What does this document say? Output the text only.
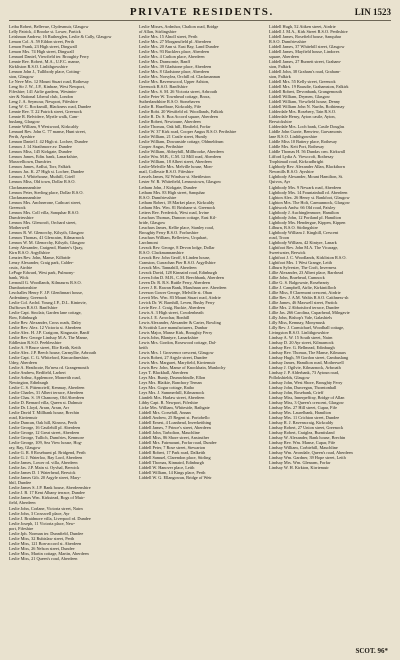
PRIVATE RESIDENTS.	LIN 1523
Leiba Robert, Bellevue, Clydesmuir, Glasgow
Lelly Patrick, 4 Brooke st. Lower, Partick
Leishman Andrew, 16 Rutherglen, Leslie & Cally, Glasgow
Lemon Col. A. 59 Eildon street, Perth
Lemon Frank, 23 High street, Dingwall
Lemon Mrs. 74 High street, Dingwall
Lennard Daniel, Viewfield ter. Broughty Ferry
Lennie Rev. Robert, M.A., U.F.C. manse,
Kirkliston R.S.O. Linlithgowshire
Lennon John J., Tullibody place, Cotting-
ston, Glasgow
Le Neve Mrs. 12 Mount Stuart road, Rothesay
Leng Sir J. W., J.P., Kinbrae, West Newport,
Fifeshire; 141 Airlie gardens, Westmin-
ster & National Liberal club, London
Leng J. A. Seymour, Newport, Fifeshire
Leng W. C. Rocksmill, Blackness road, Dundee
Lennie Rev. T. 22 Patrick street, Greenock
Lennie R. Belvidere, Myrtle walk, Cam-
buslang, Glasgow
Lennie William, 9 Westwood, Kirkcaldy
Lennard Rev. John C. 77 manse, Hunt street,
Perth, Ayrshire
Lennon Daniel J. 42 High st. Lochee, Dundee
Lennox J. 14 Strathmore av. Dundee
Lennox Miss, 145 Kirkgate, Dundee
Lennox James, Edin. bank, Lanarkshire,
Maxwelltown, Dumfries
Lennox James, Ardlui, Torr, Falkirk
Lennox Jas. K. 27 High st. Lochee, Dundee
Lennox J. Whitehouse, Muthill, Crieff
Lennox Miss, Old town, Dollar R.S.O.
Clackmannanshire
Lennox Peter, Sterling place, Dollar R.S.O.
Clackmannanshire
Lennox Mrs. Anchnerone, Cathcart street,
Greenock
Lennox Mrs. Coll villa, Sanquhar R.S.O.
Dumfriesshire
Lennox Mrs. Glencroft, Orchard street,
Motherwell
Lennox R. W. Glenorchy, Kilsyth, Glasgow
Lennox Thomas, 41 Glencairn, Kilmarnock
Lennox W. M. Glenorchy, Kilsyth, Glasgow
Lenty Alexander, Craigend, Hunter's Quay,
Kirn R.S.O. Argyllshire
Lenzies Rev. John, Manse, Kilbride
Lenzy Alexander, Craig park, Calder-
cruix, Airdrie
LePage Edward, West park, Pulmony-
bank, Wick
Lernoull G. Woodlands, Kilmaurss R.S.O.
Dumbartonshire
Leschalles Henry F. J.P. Glenfinnart house,
Ardentinny, Greenock
Leslie Col. Archd. Young J.P., D.L. Kininvie,
Dufftown R.S.O. Banffshire
Leslie Capt. Sinclair, Garden lane cottage,
Bow, Edinburgh
Leslie Rev. Alexander, Cross roads, Dalry
Leslie Rev. Alex. 12 Victoria st. Aberdeen
Leslie Alex. H. J.P. Craigorn, Kingussie, Banff
Leslie Rev. George Lindsay M.A. The Manse,
Eddleston R.S.O. Peeblesshire
Leslie A. 9 Bruce street, Elie Keith, Keith
Leslie Alex. J.P. Beech house, Carmyllie, Arbroath
Leslie Capt. C. G. Whiteford, Kincardineshire,
Udny, Aberdeen
Leslie A. Heathcote, Bo'ness rd. Grangemouth
Leslie Andrew, Redfield, Larbert
Leslie Arthur, Applemore, Monreith road,
Newington, Edinburgh
Leslie C. S. Pittencrieff, Kenmay, Aberdeen
Leslie Charles, 31 Albert terrace, Aberdeen
Leslie Chas. S. 19 Chanonry, Old Aberdeen
Leslie D. Bernard villa, Queen st. Dalmuir
Leslie Dr. Lloyd, Arran, Arran, Arr
Leslie David T. Millbank house, Brechin
road, Kirriemuir
Leslie Duncan, Oak hill, Kinross, Perth
Leslie George, 16 Castlehill pl. Aberdeen
Leslie George, 12 Great street, Aberdeen
Leslie George, Tullich, Dumfries, Kenmore
Leslie George, 109, Sea View house, Hog-
ray, Ray, Glasgow
Leslie G. R. 8 Roseburnt pl. Bridgend, Perth
Leslie G. J. Waterloo, Bay Lord, Aberdeen
Leslie James, Lower rd. villa, Aberdeen
Leslie Jas. J.P. Main st. Oyvhal, Berwick
Leslie James D. 1 Waterhead, Berwick
Leslie James Gib. 20 Argyle street, Mary-
bhil, Dundee
Leslie James S. J.P. Bank house, Aberdeenshire
Leslie J. B. 17 Kent Albany terrace, Dundee
Leslie James Wm. Kirkstead, Bogs of Muir-
field, Aberdeen
Leslie John, Corlane, Victoria street, Nairn
Leslie John, 3 Crosswell place, Ayr
Leslie J. Braidmore villa, Liverpool rd. Dundee
Leslie Joseph, 11 Victoria place, New-
port, Fifeshire
Leslie Jph. Norman ter. Dunnfield, Dundee
Leslie Miss, 32 Rubislaw street, Perth
Leslie Miss, 121 Bon-accord st. Aberdeen
Leslie Miss, 26 Nelson street, Dundee
Leslie Miss, Martin cottage, Martin, Aberdeen
Leslie Miss, 21 Queen's road, Aberdeen
Leslie Misses, Ardmhor, Chalton road, Bridge
of Allan, Stirlingshire
Leslie Mrs. 15 Alnoll street, Perth
Leslie Mrs. 27 Morgansfield pl. Aberdeen
Leslie Mrs. 20 Ann st. East Bay, Land Dundee
Leslie Mrs. 93 Bucklers place, Aberdeen
Leslie Mrs. 4 Carlton place, Aberdeen
Leslie Mrs. Dramornie, Banff
Leslie Mrs. 39 Gladstone place, Aberdeen
Leslie Mrs. 8 Gladstone place, Aberdeen
Leslie Mrs. Norsylea, Orchill rd. Clackmannan
Leslie Mrs. Ravenswood, Upper Ashton,
Greenock R.S.O. Banffshire
Leslie Mrs. S. M. 26 Victoria street, Arbroath
Leslie Peter W. Townhead cottage, Brora,
Sutherlandshire R.S.O. Stonehaven
Leslie R. Hazelbrae, Kirkcaldy, Fife
Leslie Robt. 20 Westfield rd. Woodlands, Falkirk
Leslie R. Dr. S. Boa Accord square, Aberdeen
Leslie Robert, Newtoune, Aberdeen
Leslie Thomas, Oak hill, Elmfield, Forfar
Leslie W. 37 Kirk road, Cooper Angus R.S.O. Perthshire
Leslie William, 21 Castle street, Huntly
Leslie William, Dowanside cottage, Oldmeldrum
Cooper Angus, Perthshire
Leslie William, Abbeyhill, Millbrooke, Aberdeen
Leslie Wm. M.B., C.M. 12 Mill road, Aberdeen
Leslie William, 18 Albert street, Aberdeen
Leslie-Melville Mrs. Melville house, Mon-
mail, Collessie R.S.O. Fifeshire
Lessels James, 82 Windsor st. Shettleston
Lester W. R. Whitefield, Lennoxtown, Glasgow
Letham John, J Kirkgate, Dundee
Letham Mrs. 83 High street, Sanquhar
R.S.O. Dumfriesshire
Letham Robert, 18 Market place, Kirkcaldy
Letham Mrs. Wm. 81 Brisbane st. Greenock
Letters Rev. Frederick, West road, Irvine
Leuchars Thomas, Dunoon cottage, East Kil-
bride, Glasgow
Leuchars James, Kellie place, Stanley road,
Broughty Ferry R.S.O. Forfarshire
Leuchars William, Belleview, Urquhart,
Larchmont
Levack Rev. George, 8 Devon lodge, Dollar
R.S.O. Clackmannanshire
Levack Rev. John Geoff, 6 Linden house,
Cranston, Currachan Pier R.S.O. Argyllshire
Levack Mrs. Tannahill, Aberdeen
Levack David, 128 Kinnaird road, Edinburgh
Leven John D. M.B., C.M. Beechbank, Aberdeen
Leven Dr. R. R.S. Ruttle Ferry, Aberdeen
Lever J. R. Rawan Bank, Maruhnan ave. Aberdeen
Leveson Gower George, Melville st. Oban
Levett Mrs. Wm. 83 Mount Stuart road, Airdrie
Levick Dr. W. Barnhill, Leven, Bushy Ferry
Levie Rev. J. Craig, Buckie, Aberdeen
Lewis A. 3 High street, Cowdenbeath
Lewis J. E. Arrochar, Bonhill
Lewis Alexander, Alexander & Carter, Bowling
& Scottish Lace manufacturers, Dunbar
Lewis Major, Manse Kirk, Broughty Ferry
Lewis John, Blantyre, Lanarkshire
Lewis Mrs. Gordon, Rosewood cottage, Dal-
keith
Lewis Mrs. 1 Grosvenor crescent, Glasgow
Lewis Robert, 27 Argyle street, Dundee
Lewis Mrs. Margaret, Maryfield, Kirriemuir
Lewis Rev. John, Manse of Knockbain, Munlochy
Leys T. Blackhall, Aberdeen
Leys Mrs. Bunty, Drumwhindle, Ellon
Leys Mrs. Blaikie, Banchory Ternan
Leys Mrs. Gogar cottage, Ratho
Leys Mrs. J. Summerhill, Kilmarnock
Lianfelt Mrs. Harlaw street, Aberdeen
Libby Capt. R. Newport, Fifeshire
Licke Mrs. William, Whiteside, Bathgate
Liddell Mrs. Corsehill, Annan
Liddell Andrew, 25 Regent st. Portobello
Liddell Ernest, 4 Loanhead, Inverkeithing
Liddell James, 7 Prince's street, Aberdeen
Liddell John, Tarbolton, Mauchline
Liddell Miss, 86 Shore street, Anstruther
Liddell Mrs. Fairmount, Forfar road, Dundee
Liddell Peter, 7 Rose street, Stewarton
Liddell Robert, 17 Park road, Dalkeith
Liddell Samuel, Clarendon place, Stirling
Liddell Thomas, Kinnaird, Edinburgh
Liddell W. Hanover place, Leith
Liddell William, 14 Kings place, Perth
Liddell W. G. Ellangowan, Bridge of Weir
Liddell Hugh, 52 Aitken street, Airdrie
Liddell J. M.A., Kirk Street R.S.O. Perthshire
Liddell James, Rosefield house, Sanquhar
R.S.O. Dumfriesshire
Liddell James, 37 Whitehill street, Glasgow
Liddell James, Mayfield house, Lindores
square, Aberdeen
Liddell James, 27 Burnett street, Graham-
ston, Falkirk
Liddell John, 38 Graham's road, Graham-
ston, Falkirk
Liddell Mrs. 55 Kelly street, Greenock
Liddell Mrs. 19 Bausdie, Grahamston, Falkirk
Liddell Robert, Devonbank, Grangemouth
Liddell William, Drymen, Glasgow
Liddell William, Viewfield house, Denny
Liddell William John N. Nurths, Rothiemay
Lidderdale Mrs. Rosebery, Tain R.S.O.
Lidderdale Henry, Ayton castle, Ayton,
Berwickshire
Lidderdale Mrs. Loch bank, Castle Douglas
Liddle John Currie, Benview, Garvamonts
lane R.S.O. Linlithgowshire
Liddle Miss 10 Battery place, Rothesay
Liddle Mrs. Keit Port, Rothesay
Liddle Thomas H. 56 Dundas crm. Kirkwall
Lifford Lydia A. Viewcroft, Rothesay
Trophimail road, Kirkcudbright
Lighbody Rev. Alexander Allan, Blackthorn
Newmills R.S.O. Ayrshire
Lightbody Alexander, Mount Hamilton, St.
Quivox, Ayr
Lightbody Mrs. 9 Newark road, Aberdeen
Lightbody Mrs. 14 Fountainhall rd. Aberdeen
Lighton Alex. 26 Henry st. Bankfoot, Glasgow
Lighton Mrs. The Holt, Carmunnock, Glasgow
Lightwork Andw. 66 Old road, Paisley
Lightbody J. Auchinglenmore, Hamilton
Lightbody John, 12 Portland pl. Hamilton
Lightbody Mrs. Hendergue, Kippen, Kippen
Lilburn, B.S.O. Stirlingshire
Lightbody William J. Kinghill, Crescent
road, Troon
Lightbody William, 42 Kintyre, Lanark
Lightfoot Rev. John M.A. The Vicarage,
Sweetwater, Berwick
Lightfoot J. C. Woodlands, Kirkliston R.S.O.
Lightfoot Mrs. 1 West Grange, Leith
Lilburn Sylvester, The Croft, Inverness
Lillie Alexander, 23 Albert place, Barrhead
Lillie John, Braehead, Cumnock
Lillie G. S. Balgownie, Rosehearty
Lillie J. Campbell, Airlie, Kirkintilloch
Lillie Miss, 8 Claremont crescent, Airdrie
Lillie Rev. J. A.M. Waltis R.S.O. Caithness-sh
Lillie James, 46 Maxwell street, Partick
Lillie Mrs. 2 Abbotsford terrace, Dundee
Lillie Jas. 266 Carolina, Cuparhead, Milngavie
Lilly John, Bishop's Vale, Galashiels
Lilly Miss, Kemnay, Monymusk
Lilly Rev. J. Carmichael, Woodhall cottage,
Livingston R.S.O. Linlithgowshire
Lindsay A. W. 15 South street, Nairn
Lindsay D. 20 Ayr street, Kilmarnock
Lindsay Rev. G. Bellmead, Edinburgh
Lindsay Rev. Thomas, The Manse, Kilmaurs
Lindsay Hugh, 59 Gordon street, Cambuslang
Lindsay James, Hamilton road, Motherwell
Lindsay J. Ogilvie, Kilmarnock, Arbroath
Lindsay J. P. Alderbank, 73 Aytoun road,
Pollokshields, Glasgow
Lindsay John, West Shore, Broughty Ferry
Lindsay John, Dunvegan, Thorntonhall
Lindsay John, Rosebank, Crieff
Lindsay Miss, Innerpeffray, Bridge of Allan
Lindsay Miss, 3 Queen's crescent, Glasgow
Lindsay Mrs. 27 Hill street, Cupar, Fife
Lindsay Mrs. Laurelbank, Hamilton
Lindsay Mrs. 11 Crichton street, Dundee
Lindsay R. J. Ravenscraig, Kirkcaldy
Lindsay Robert, 27 Union street, Greenock
Lindsay Robert, Craiglea, Burntisland
Lindsay W. Alexander, Bank house, Brechin
Lindsay Rev. Wm. Manse, Cupar, Fife
Lindsay William, Corbiehill, Mauchline
Lindsay Wm. Avondale, Queen's road, Aberdeen
Lindsay Wm. Gardner, 39 Hope street, Leith
Lindsay Mrs. Wm. Glenarm, Forfar
Lindsay W. H. Kirkton, Kirriemuir
SCOT. 96*
